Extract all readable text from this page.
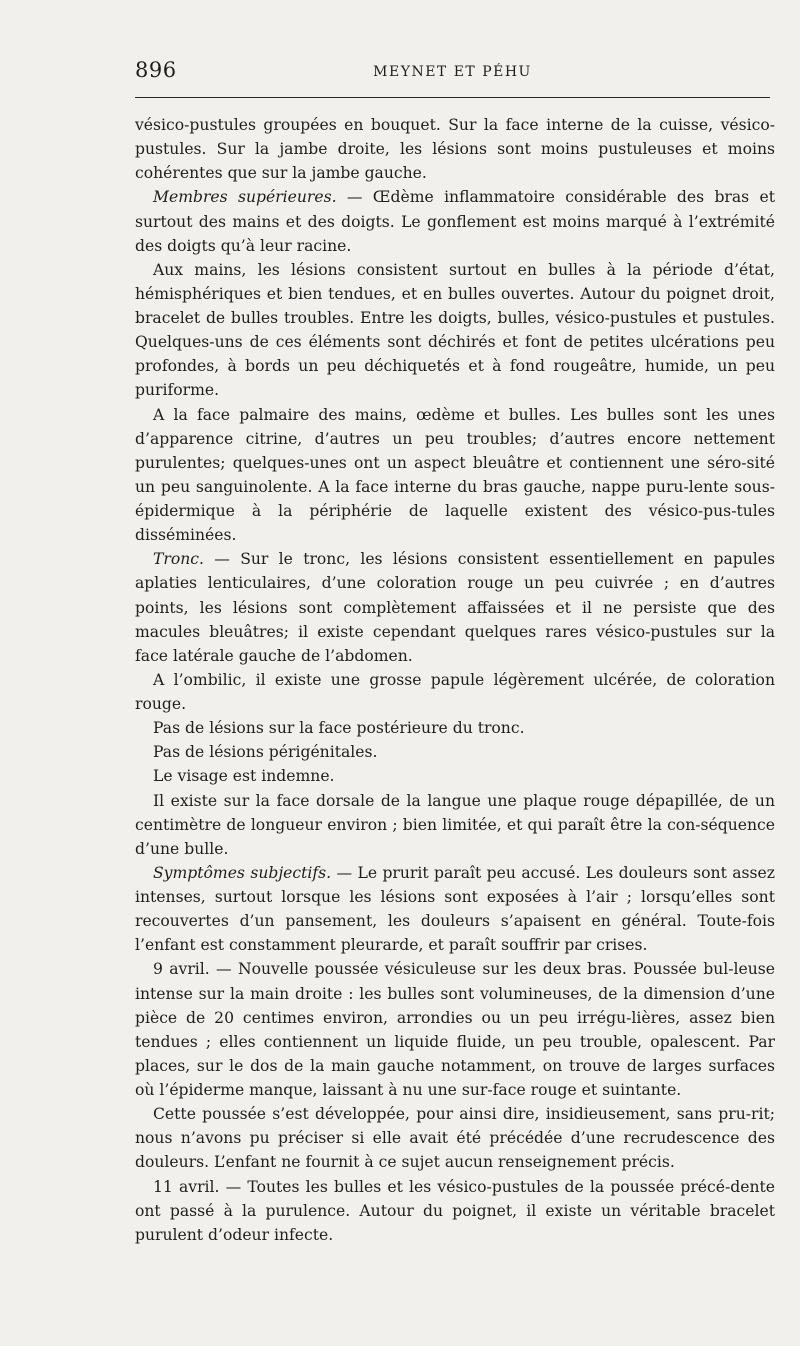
896	MEYNET ET PÉHU

vésico-pustules groupées en bouquet. Sur la face interne de la cuisse, vésico-pustules. Sur la jambe droite, les lésions sont moins pustuleuses et moins cohérentes que sur la jambe gauche.

Membres supérieures. — Œdème inflammatoire considérable des bras et surtout des mains et des doigts. Le gonflement est moins marqué à l’extrémité des doigts qu’à leur racine.

Aux mains, les lésions consistent surtout en bulles à la période d’état, hémisphériques et bien tendues, et en bulles ouvertes. Autour du poignet droit, bracelet de bulles troubles. Entre les doigts, bulles, vésico-pustules et pustules. Quelques-uns de ces éléments sont déchirés et font de petites ulcérations peu profondes, à bords un peu déchiquetés et à fond rougeâtre, humide, un peu puriforme.

A la face palmaire des mains, œdème et bulles. Les bulles sont les unes d’apparence citrine, d’autres un peu troubles; d’autres encore nettement purulentes; quelques-unes ont un aspect bleuâtre et contiennent une séro-sité un peu sanguinolente. A la face interne du bras gauche, nappe puru-lente sous-épidermique à la périphérie de laquelle existent des vésico-pus-tules disséminées.

Tronc. — Sur le tronc, les lésions consistent essentiellement en papules aplaties lenticulaires, d’une coloration rouge un peu cuivrée ; en d’autres points, les lésions sont complètement affaissées et il ne persiste que des macules bleuâtres; il existe cependant quelques rares vésico-pustules sur la face latérale gauche de l’abdomen.

A l’ombilic, il existe une grosse papule légèrement ulcérée, de coloration rouge.

Pas de lésions sur la face postérieure du tronc.

Pas de lésions périgénitales.

Le visage est indemne.

Il existe sur la face dorsale de la langue une plaque rouge dépapillée, de un centimètre de longueur environ ; bien limitée, et qui paraît être la con-séquence d’une bulle.

Symptômes subjectifs. — Le prurit paraît peu accusé. Les douleurs sont assez intenses, surtout lorsque les lésions sont exposées à l’air ; lorsqu’elles sont recouvertes d’un pansement, les douleurs s’apaisent en général. Toute-fois l’enfant est constamment pleurarde, et paraît souffrir par crises.

9 avril. — Nouvelle poussée vésiculeuse sur les deux bras. Poussée bul-leuse intense sur la main droite : les bulles sont volumineuses, de la dimension d’une pièce de 20 centimes environ, arrondies ou un peu irrégu-lières, assez bien tendues ; elles contiennent un liquide fluide, un peu trouble, opalescent. Par places, sur le dos de la main gauche notamment, on trouve de larges surfaces où l’épiderme manque, laissant à nu une sur-face rouge et suintante.

Cette poussée s’est développée, pour ainsi dire, insidieusement, sans pru-rit; nous n’avons pu préciser si elle avait été précédée d’une recrudescence des douleurs. L’enfant ne fournit à ce sujet aucun renseignement précis.

11 avril. — Toutes les bulles et les vésico-pustules de la poussée précé-dente ont passé à la purulence. Autour du poignet, il existe un véritable bracelet purulent d’odeur infecte.
